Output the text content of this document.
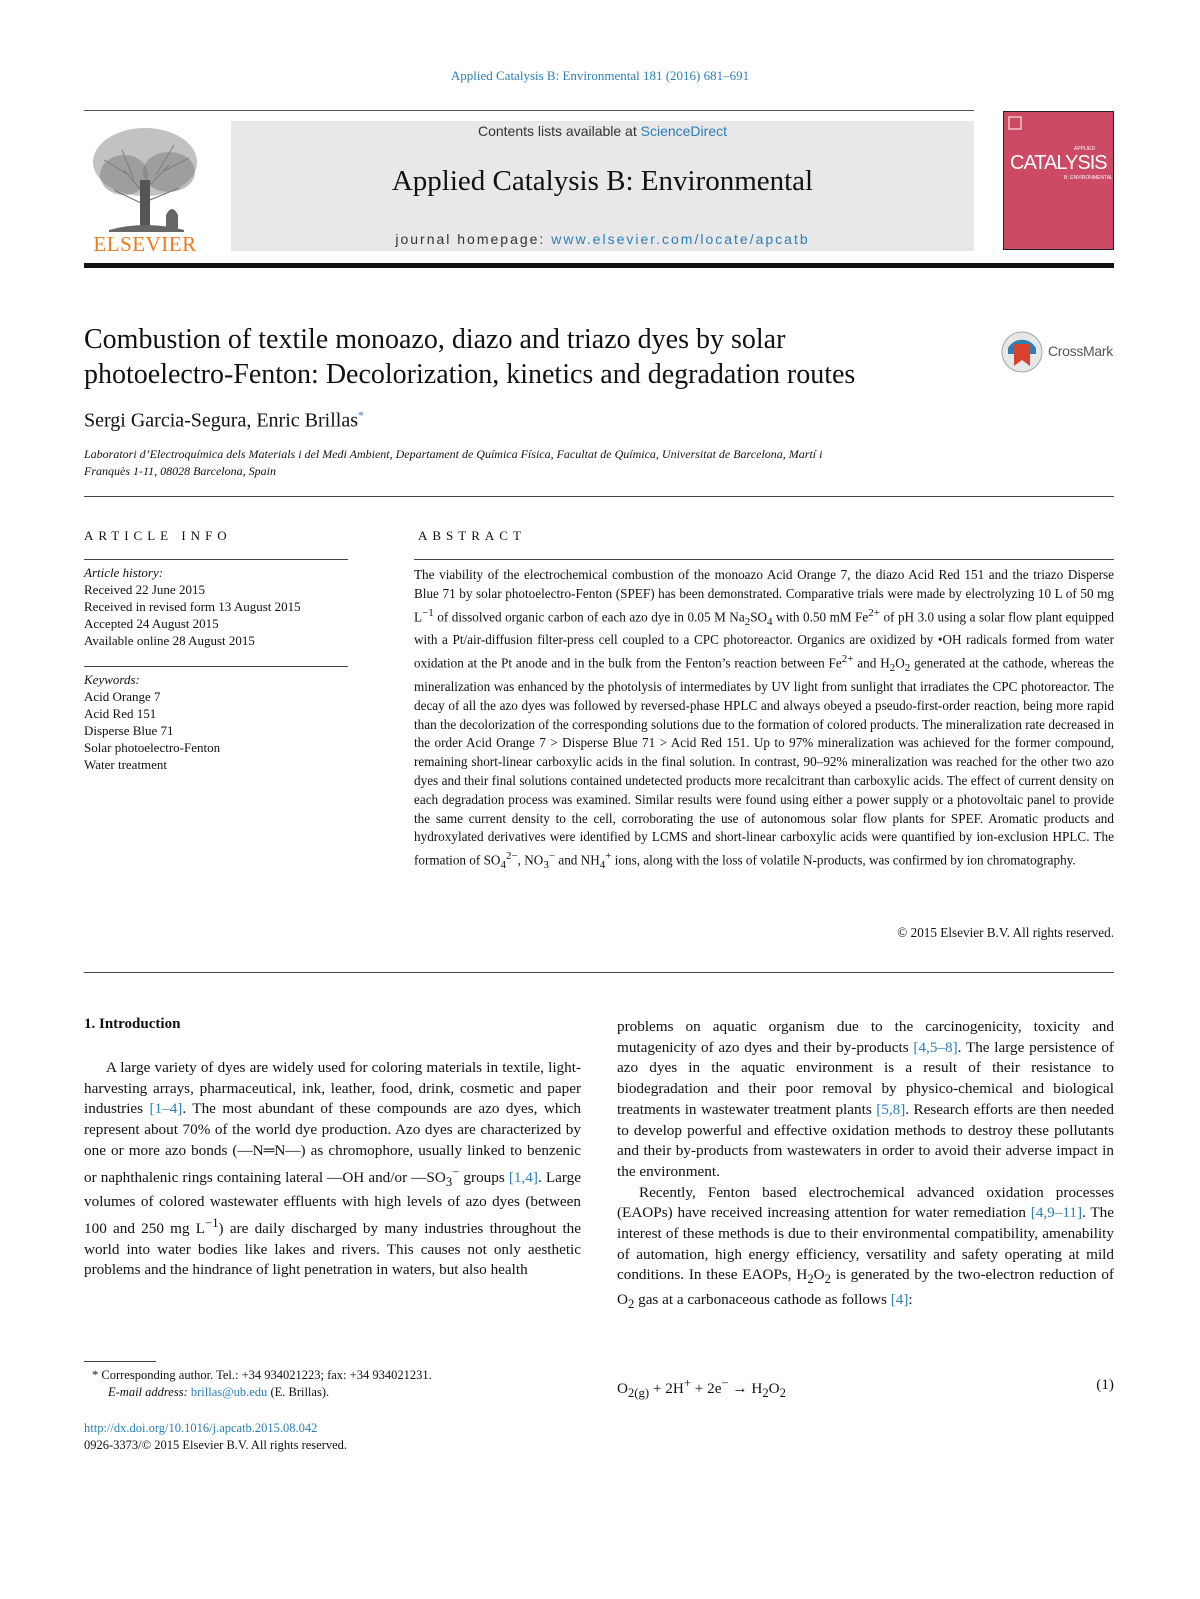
Applied Catalysis B: Environmental 181 (2016) 681–691
ELSEVIER
Contents lists available at ScienceDirect
Applied Catalysis B: Environmental
journal homepage: www.elsevier.com/locate/apcatb
APPLIED
CATALYSIS
B: ENVIRONMENTAL
Combustion of textile monoazo, diazo and triazo dyes by solar
photoelectro-Fenton: Decolorization, kinetics and degradation routes
CrossMark
Sergi Garcia-Segura, Enric Brillas*
Laboratori d’Electroquímica dels Materials i del Medi Ambient, Departament de Química Física, Facultat de Química, Universitat de Barcelona, Martí i
Franquès 1-11, 08028 Barcelona, Spain
ARTICLE INFO
Article history:
Received 22 June 2015
Received in revised form 13 August 2015
Accepted 24 August 2015
Available online 28 August 2015
Keywords:
Acid Orange 7
Acid Red 151
Disperse Blue 71
Solar photoelectro-Fenton
Water treatment
ABSTRACT
The viability of the electrochemical combustion of the monoazo Acid Orange 7, the diazo Acid Red 151 and the triazo Disperse Blue 71 by solar photoelectro-Fenton (SPEF) has been demonstrated. Comparative trials were made by electrolyzing 10 L of 50 mg $L^{-1}$ of dissolved organic carbon of each azo dye in 0.05 M $Na_2SO_4$ with 0.50 mM $Fe^{2+}$ of pH 3.0 using a solar flow plant equipped with a Pt/air-diffusion filter-press cell coupled to a CPC photoreactor. Organics are oxidized by •OH radicals formed from water oxidation at the Pt anode and in the bulk from the Fenton’s reaction between $Fe^{2+}$ and $H_2O_2$ generated at the cathode, whereas the mineralization was enhanced by the photolysis of intermediates by UV light from sunlight that irradiates the CPC photoreactor. The decay of all the azo dyes was followed by reversed-phase HPLC and always obeyed a pseudo-first-order reaction, being more rapid than the decolorization of the corresponding solutions due to the formation of colored products. The mineralization rate decreased in the order Acid Orange 7 > Disperse Blue 71 > Acid Red 151. Up to 97% mineralization was achieved for the former compound, remaining short-linear carboxylic acids in the final solution. In contrast, 90–92% mineralization was reached for the other two azo dyes and their final solutions contained undetected products more recalcitrant than carboxylic acids. The effect of current density on each degradation process was examined. Similar results were found using either a power supply or a photovoltaic panel to provide the same current density to the cell, corroborating the use of autonomous solar flow plants for SPEF. Aromatic products and hydroxylated derivatives were identified by LCMS and short-linear carboxylic acids were quantified by ion-exclusion HPLC. The formation of $SO_4^{2-}$, $NO_3^-$ and $NH_4^+$ ions, along with the loss of volatile N-products, was confirmed by ion chromatography.
© 2015 Elsevier B.V. All rights reserved.
1. Introduction

A large variety of dyes are widely used for coloring materials in textile, light-harvesting arrays, pharmaceutical, ink, leather, food, drink, cosmetic and paper industries [1–4]. The most abundant of these compounds are azo dyes, which represent about 70% of the world dye production. Azo dyes are characterized by one or more azo bonds (—N═N—) as chromophore, usually linked to benzenic or naphthalenic rings containing lateral —OH and/or $—SO_3^-$ groups [1,4]. Large volumes of colored wastewater effluents with high levels of azo dyes (between 100 and 250 mg $L^{-1}$) are daily discharged by many industries throughout the world into water bodies like lakes and rivers. This causes not only aesthetic problems and the hindrance of light penetration in waters, but also health

problems on aquatic organism due to the carcinogenicity, toxicity and mutagenicity of azo dyes and their by-products [4,5–8]. The large persistence of azo dyes in the aquatic environment is a result of their resistance to biodegradation and their poor removal by physico-chemical and biological treatments in wastewater treatment plants [5,8]. Research efforts are then needed to develop powerful and effective oxidation methods to destroy these pollutants and their by-products from wastewaters in order to avoid their adverse impact in the environment.

Recently, Fenton based electrochemical advanced oxidation processes (EAOPs) have received increasing attention for water remediation [4,9–11]. The interest of these methods is due to their environmental compatibility, amenability of automation, high energy efficiency, versatility and safety operating at mild conditions. In these EAOPs, $H_2O_2$ is generated by the two-electron reduction of $O_2$ gas at a carbonaceous cathode as follows [4]:

$O_{2(g)} + 2H^+ + 2e^- \to H_2O_2$
(1)
* Corresponding author. Tel.: +34 934021223; fax: +34 934021231.
E-mail address: brillas@ub.edu (E. Brillas).
http://dx.doi.org/10.1016/j.apcatb.2015.08.042
0926-3373/© 2015 Elsevier B.V. All rights reserved.
